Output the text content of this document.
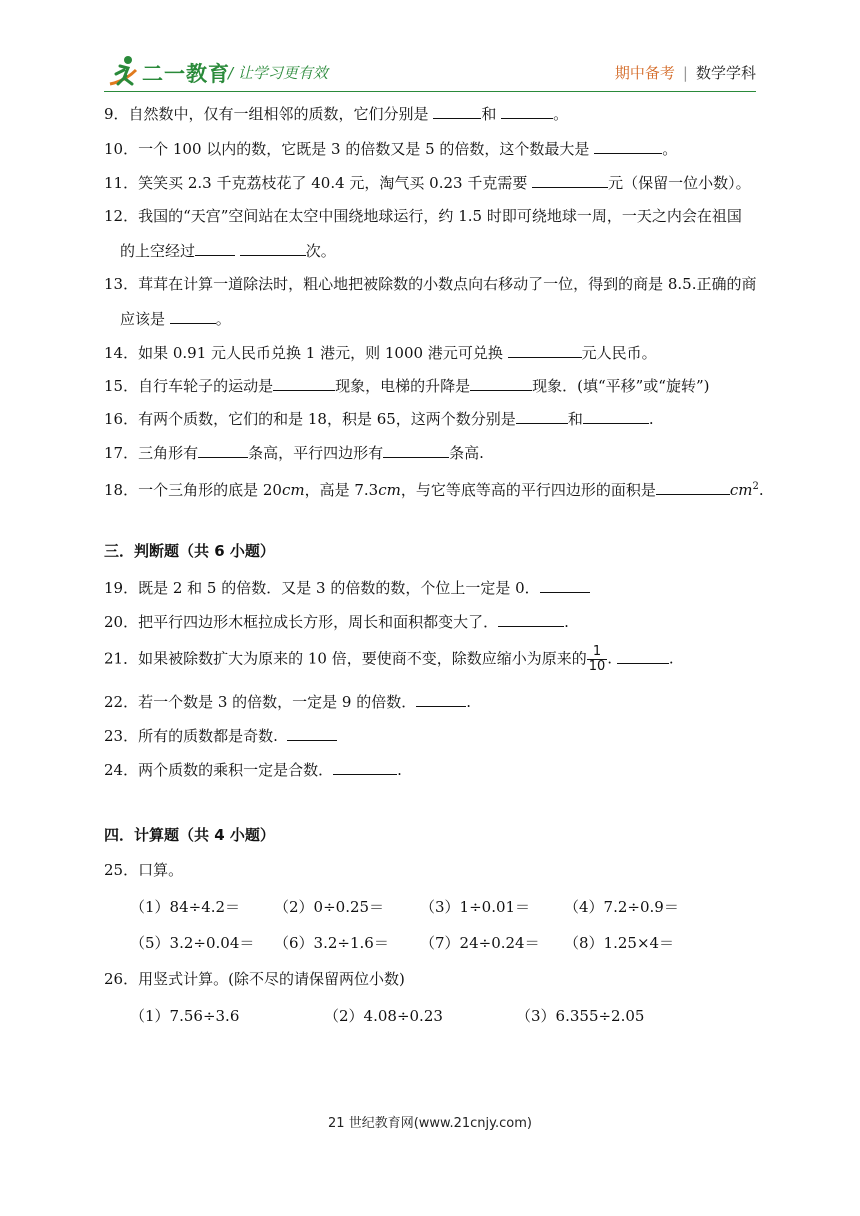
二一教育
/ 让学习更有效	期中备考 | 数学学科
9．自然数中，仅有一组相邻的质数，它们分别是	和	。
10．一个 100 以内的数，它既是 3 的倍数又是 5 的倍数，这个数最大是	。
11．笑笑买 2.3 千克荔枝花了 40.4 元，淘气买 0.23 千克需要	元（保留一位小数）。
12．我国的“天宫”空间站在太空中围绕地球运行，约 1.5 时即可绕地球一周，一天之内会在祖国
的上空经过	次。
13．茸茸在计算一道除法时，粗心地把被除数的小数点向右移动了一位，得到的商是 8.5.正确的商
应该是	。
14．如果 0.91 元人民币兑换 1 港元，则 1000 港元可兑换	元人民币。
15．自行车轮子的运动是	现象，电梯的升降是	现象．(填“平移”或“旋转”)
16．有两个质数，它们的和是 18，积是 65，这两个数分别是	和	.
17．三角形有	条高，平行四边形有	条高.
18．一个三角形的底是 20cm，高是 7.3cm，与它等底等高的平行四边形的面积是	$cm^2$.
三．判断题（共 6 小题）
19．既是 2 和 5 的倍数．又是 3 的倍数的数，个位上一定是 0．
20．把平行四边形木框拉成长方形，周长和面积都变大了．	.
21．如果被除数扩大为原来的 10 倍，要使商不变，除数应缩小为原来的 $\frac{1}{10}$ .	.
22．若一个数是 3 的倍数，一定是 9 的倍数．	.
23．所有的质数都是奇数.
24．两个质数的乘积一定是合数．	.
四．计算题（共 4 小题）
25．口算。
（1）84÷4.2＝ （2）0÷0.25＝ （3）1÷0.01＝ （4）7.2÷0.9＝
（5）3.2÷0.04＝ （6）3.2÷1.6＝ （7）24÷0.24＝ （8）1.25×4＝
26．用竖式计算。(除不尽的请保留两位小数)
（1）7.56÷3.6	（2）4.08÷0.23	（3）6.355÷2.05
21 世纪教育网(www.21cnjy.com)
